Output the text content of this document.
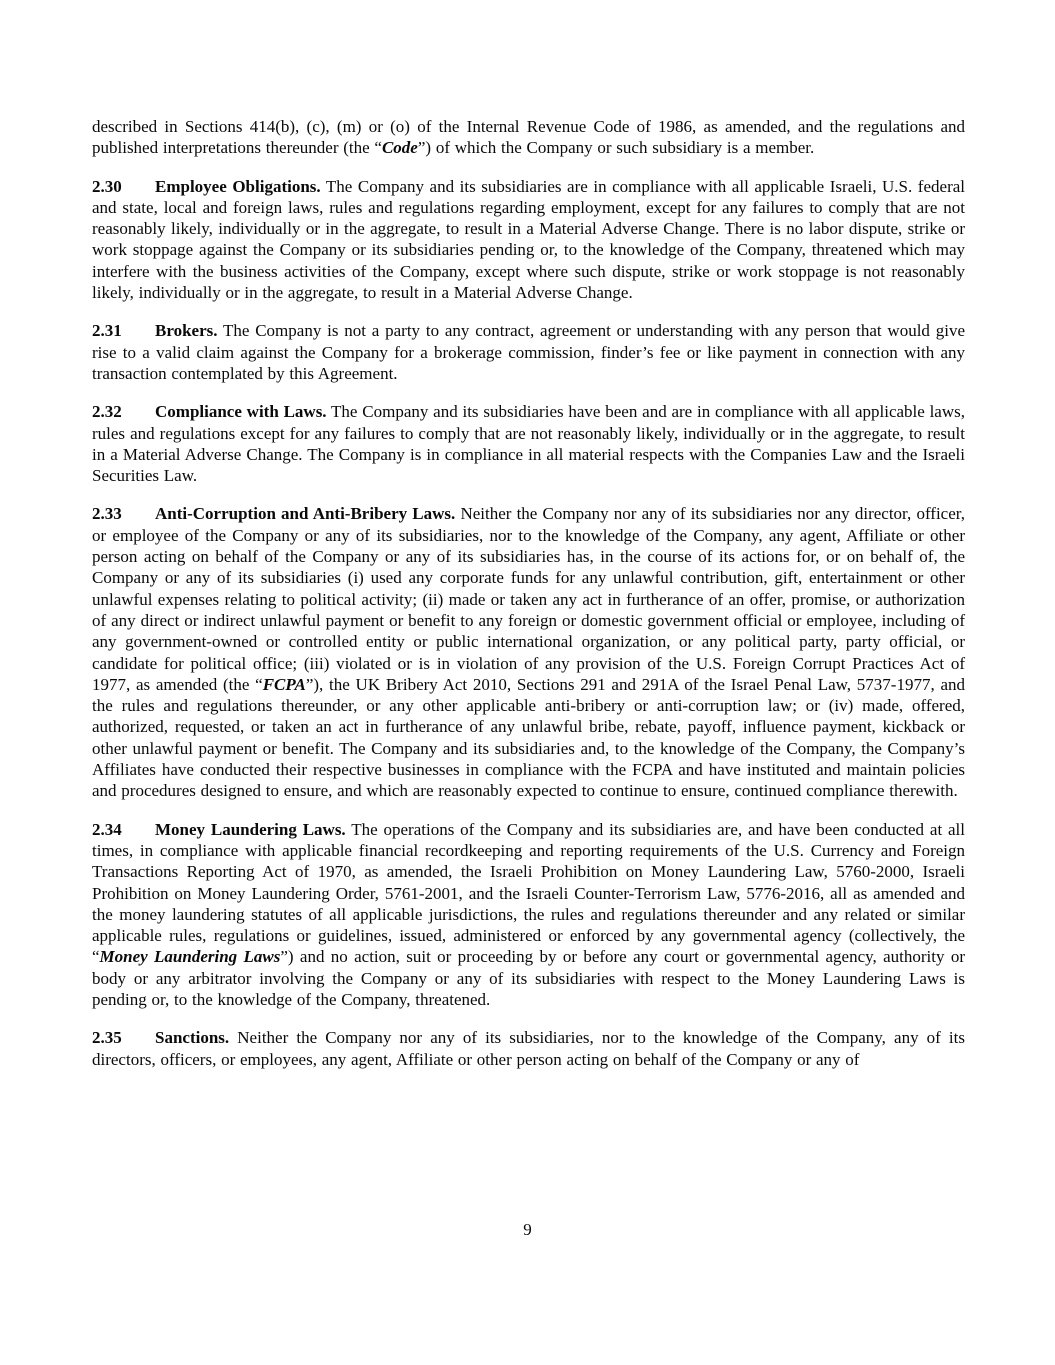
described in Sections 414(b), (c), (m) or (o) of the Internal Revenue Code of 1986, as amended, and the regulations and published interpretations thereunder (the “Code”) of which the Company or such subsidiary is a member.

2.30 Employee Obligations. The Company and its subsidiaries are in compliance with all applicable Israeli, U.S. federal and state, local and foreign laws, rules and regulations regarding employment, except for any failures to comply that are not reasonably likely, individually or in the aggregate, to result in a Material Adverse Change. There is no labor dispute, strike or work stoppage against the Company or its subsidiaries pending or, to the knowledge of the Company, threatened which may interfere with the business activities of the Company, except where such dispute, strike or work stoppage is not reasonably likely, individually or in the aggregate, to result in a Material Adverse Change.

2.31 Brokers. The Company is not a party to any contract, agreement or understanding with any person that would give rise to a valid claim against the Company for a brokerage commission, finder’s fee or like payment in connection with any transaction contemplated by this Agreement.

2.32 Compliance with Laws. The Company and its subsidiaries have been and are in compliance with all applicable laws, rules and regulations except for any failures to comply that are not reasonably likely, individually or in the aggregate, to result in a Material Adverse Change. The Company is in compliance in all material respects with the Companies Law and the Israeli Securities Law.

2.33 Anti-Corruption and Anti-Bribery Laws. Neither the Company nor any of its subsidiaries nor any director, officer, or employee of the Company or any of its subsidiaries, nor to the knowledge of the Company, any agent, Affiliate or other person acting on behalf of the Company or any of its subsidiaries has, in the course of its actions for, or on behalf of, the Company or any of its subsidiaries (i) used any corporate funds for any unlawful contribution, gift, entertainment or other unlawful expenses relating to political activity; (ii) made or taken any act in furtherance of an offer, promise, or authorization of any direct or indirect unlawful payment or benefit to any foreign or domestic government official or employee, including of any government-owned or controlled entity or public international organization, or any political party, party official, or candidate for political office; (iii) violated or is in violation of any provision of the U.S. Foreign Corrupt Practices Act of 1977, as amended (the “FCPA”), the UK Bribery Act 2010, Sections 291 and 291A of the Israel Penal Law, 5737-1977, and the rules and regulations thereunder, or any other applicable anti-bribery or anti-corruption law; or (iv) made, offered, authorized, requested, or taken an act in furtherance of any unlawful bribe, rebate, payoff, influence payment, kickback or other unlawful payment or benefit. The Company and its subsidiaries and, to the knowledge of the Company, the Company’s Affiliates have conducted their respective businesses in compliance with the FCPA and have instituted and maintain policies and procedures designed to ensure, and which are reasonably expected to continue to ensure, continued compliance therewith.

2.34 Money Laundering Laws. The operations of the Company and its subsidiaries are, and have been conducted at all times, in compliance with applicable financial recordkeeping and reporting requirements of the U.S. Currency and Foreign Transactions Reporting Act of 1970, as amended, the Israeli Prohibition on Money Laundering Law, 5760-2000, Israeli Prohibition on Money Laundering Order, 5761-2001, and the Israeli Counter-Terrorism Law, 5776-2016, all as amended and the money laundering statutes of all applicable jurisdictions, the rules and regulations thereunder and any related or similar applicable rules, regulations or guidelines, issued, administered or enforced by any governmental agency (collectively, the “Money Laundering Laws”) and no action, suit or proceeding by or before any court or governmental agency, authority or body or any arbitrator involving the Company or any of its subsidiaries with respect to the Money Laundering Laws is pending or, to the knowledge of the Company, threatened.

2.35 Sanctions. Neither the Company nor any of its subsidiaries, nor to the knowledge of the Company, any of its directors, officers, or employees, any agent, Affiliate or other person acting on behalf of the Company or any of

9
